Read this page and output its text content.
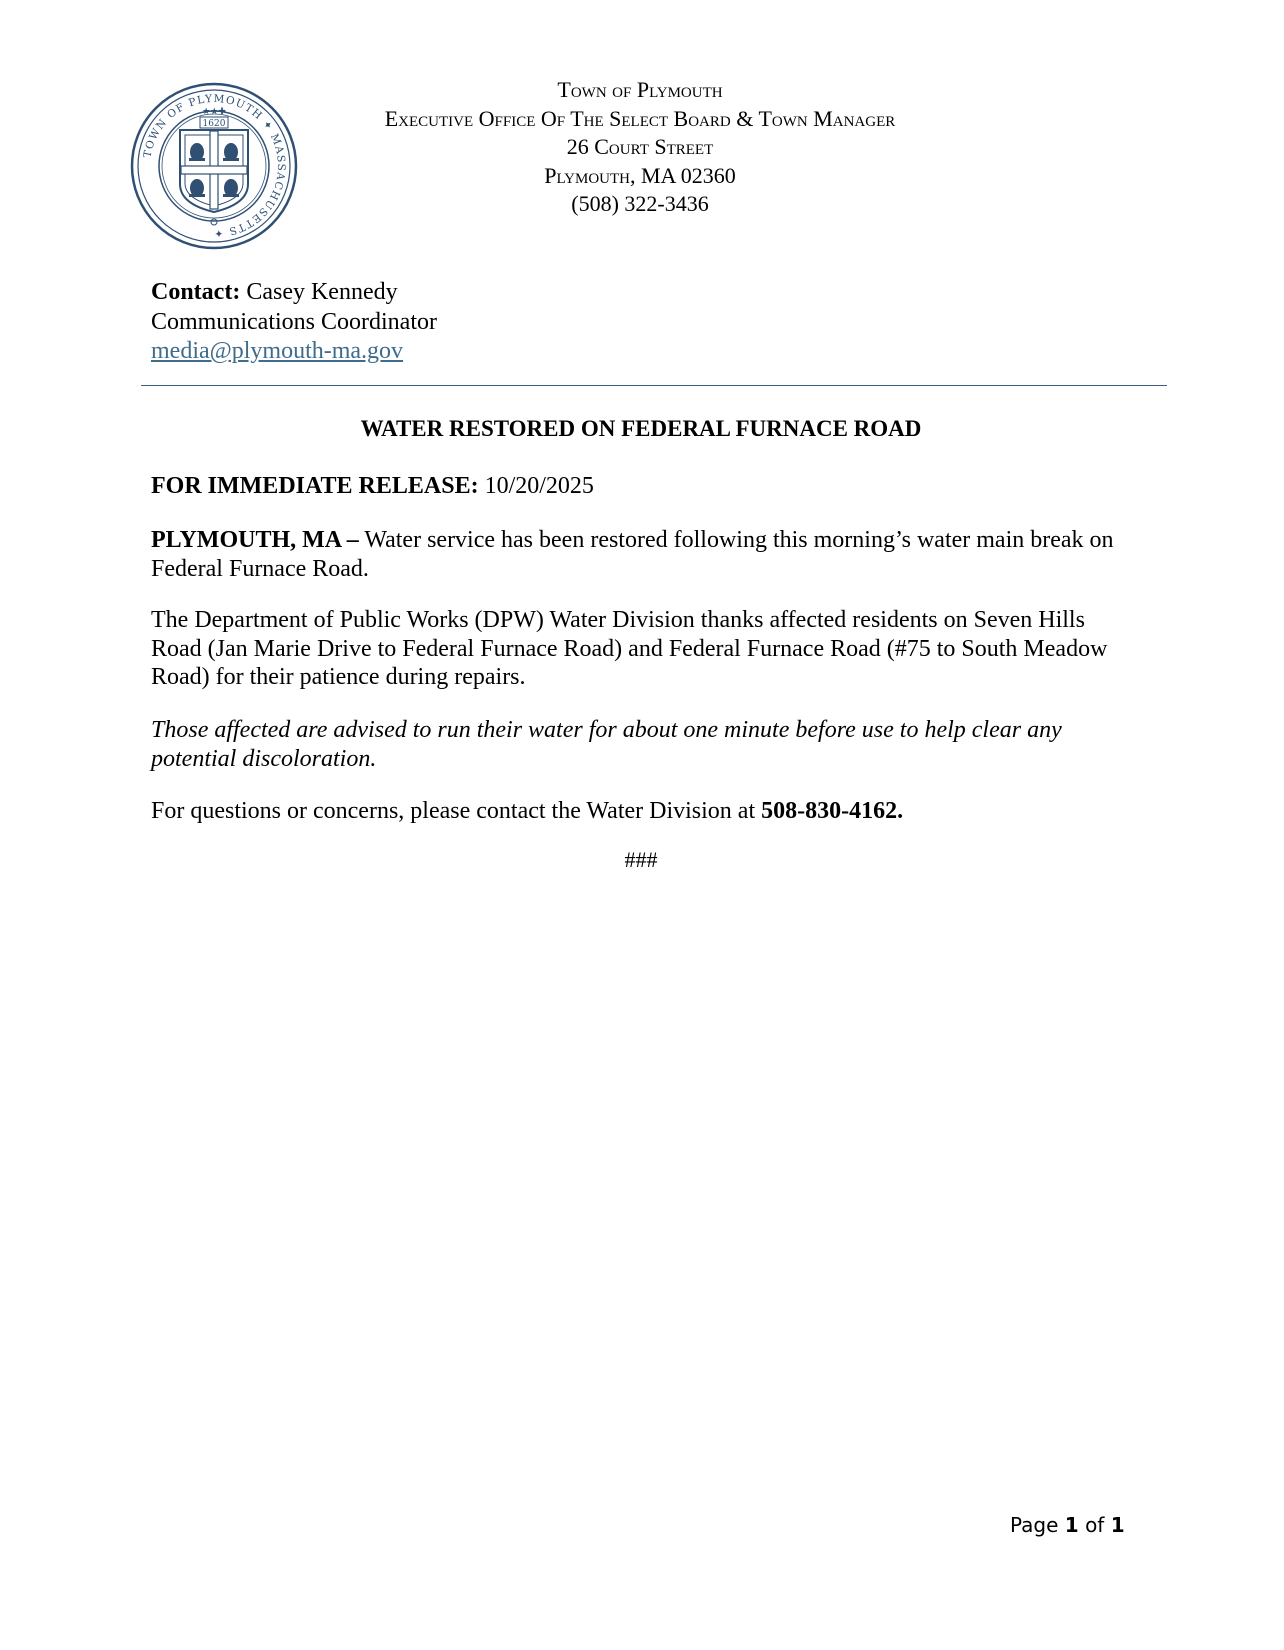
TOWN OF PLYMOUTH ✦ MASSACHUSETTS ✦
1620
★★✚
Town of Plymouth
Executive Office Of The Select Board & Town Manager
26 Court Street
Plymouth, MA 02360
(508) 322-3436
Contact: Casey Kennedy
Communications Coordinator
media@plymouth-ma.gov
WATER RESTORED ON FEDERAL FURNACE ROAD
FOR IMMEDIATE RELEASE: 10/20/2025
PLYMOUTH, MA – Water service has been restored following this morning’s water main break on Federal Furnace Road.
The Department of Public Works (DPW) Water Division thanks affected residents on Seven Hills Road (Jan Marie Drive to Federal Furnace Road) and Federal Furnace Road (#75 to South Meadow Road) for their patience during repairs.
Those affected are advised to run their water for about one minute before use to help clear any potential discoloration.
For questions or concerns, please contact the Water Division at 508-830-4162.
###
Page 1 of 1
